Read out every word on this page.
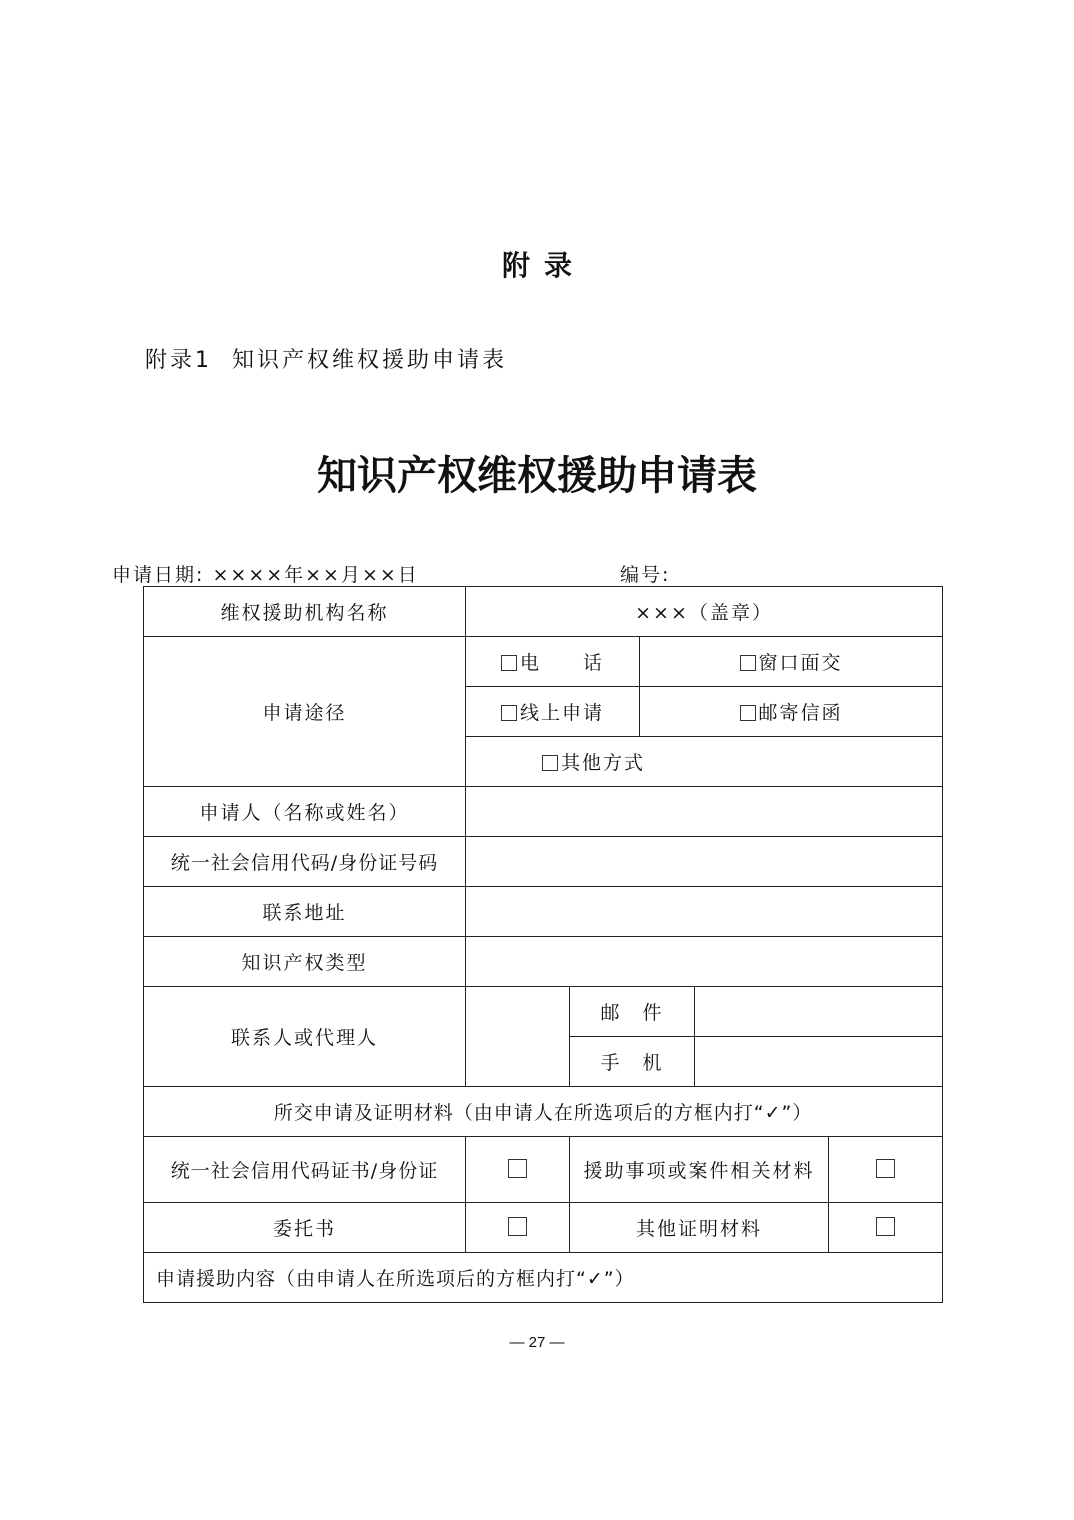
附录
附录1  知识产权维权援助申请表
知识产权维权援助申请表
申请日期: ××××年××月××日	编号:
维权援助机构名称	×××（盖章）				
申请途径	电　　话		窗口面交		
	线上申请		邮寄信函		
	其他方式				
申请人（名称或姓名）					
统一社会信用代码/身份证号码					
联系地址					
知识产权类型					
联系人或代理人		邮　件			
		手　机			
所交申请及证明材料（由申请人在所选项后的方框内打“✓”）					
统一社会信用代码证书/身份证		援助事项或案件相关材料			
委托书		其他证明材料			
申请援助内容（由申请人在所选项后的方框内打“✓”）					
— 27 —
